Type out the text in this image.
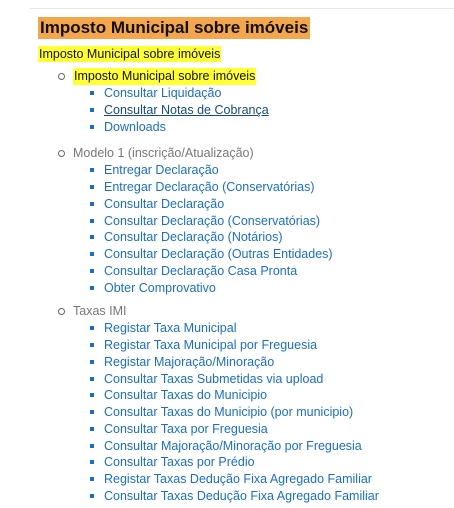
Imposto Municipal sobre imóveis

Imposto Municipal sobre imóveis

Imposto Municipal sobre imóveis
Consultar Liquidação
Consultar Notas de Cobrança
Downloads
Modelo 1 (inscrição/Atualização)
Entregar Declaração
Entregar Declaração (Conservatórias)
Consultar Declaração
Consultar Declaração (Conservatórias)
Consultar Declaração (Notários)
Consultar Declaração (Outras Entidades)
Consultar Declaração Casa Pronta
Obter Comprovativo
Taxas IMI
Registar Taxa Municipal
Registar Taxa Municipal por Freguesia
Registar Majoração/Minoração
Consultar Taxas Submetidas via upload
Consultar Taxas do Municipio
Consultar Taxas do Municipio (por municipio)
Consultar Taxa por Freguesia
Consultar Majoração/Minoração por Freguesia
Consultar Taxas por Prédio
Registar Taxas Dedução Fixa Agregado Familiar
Consultar Taxas Dedução Fixa Agregado Familiar
